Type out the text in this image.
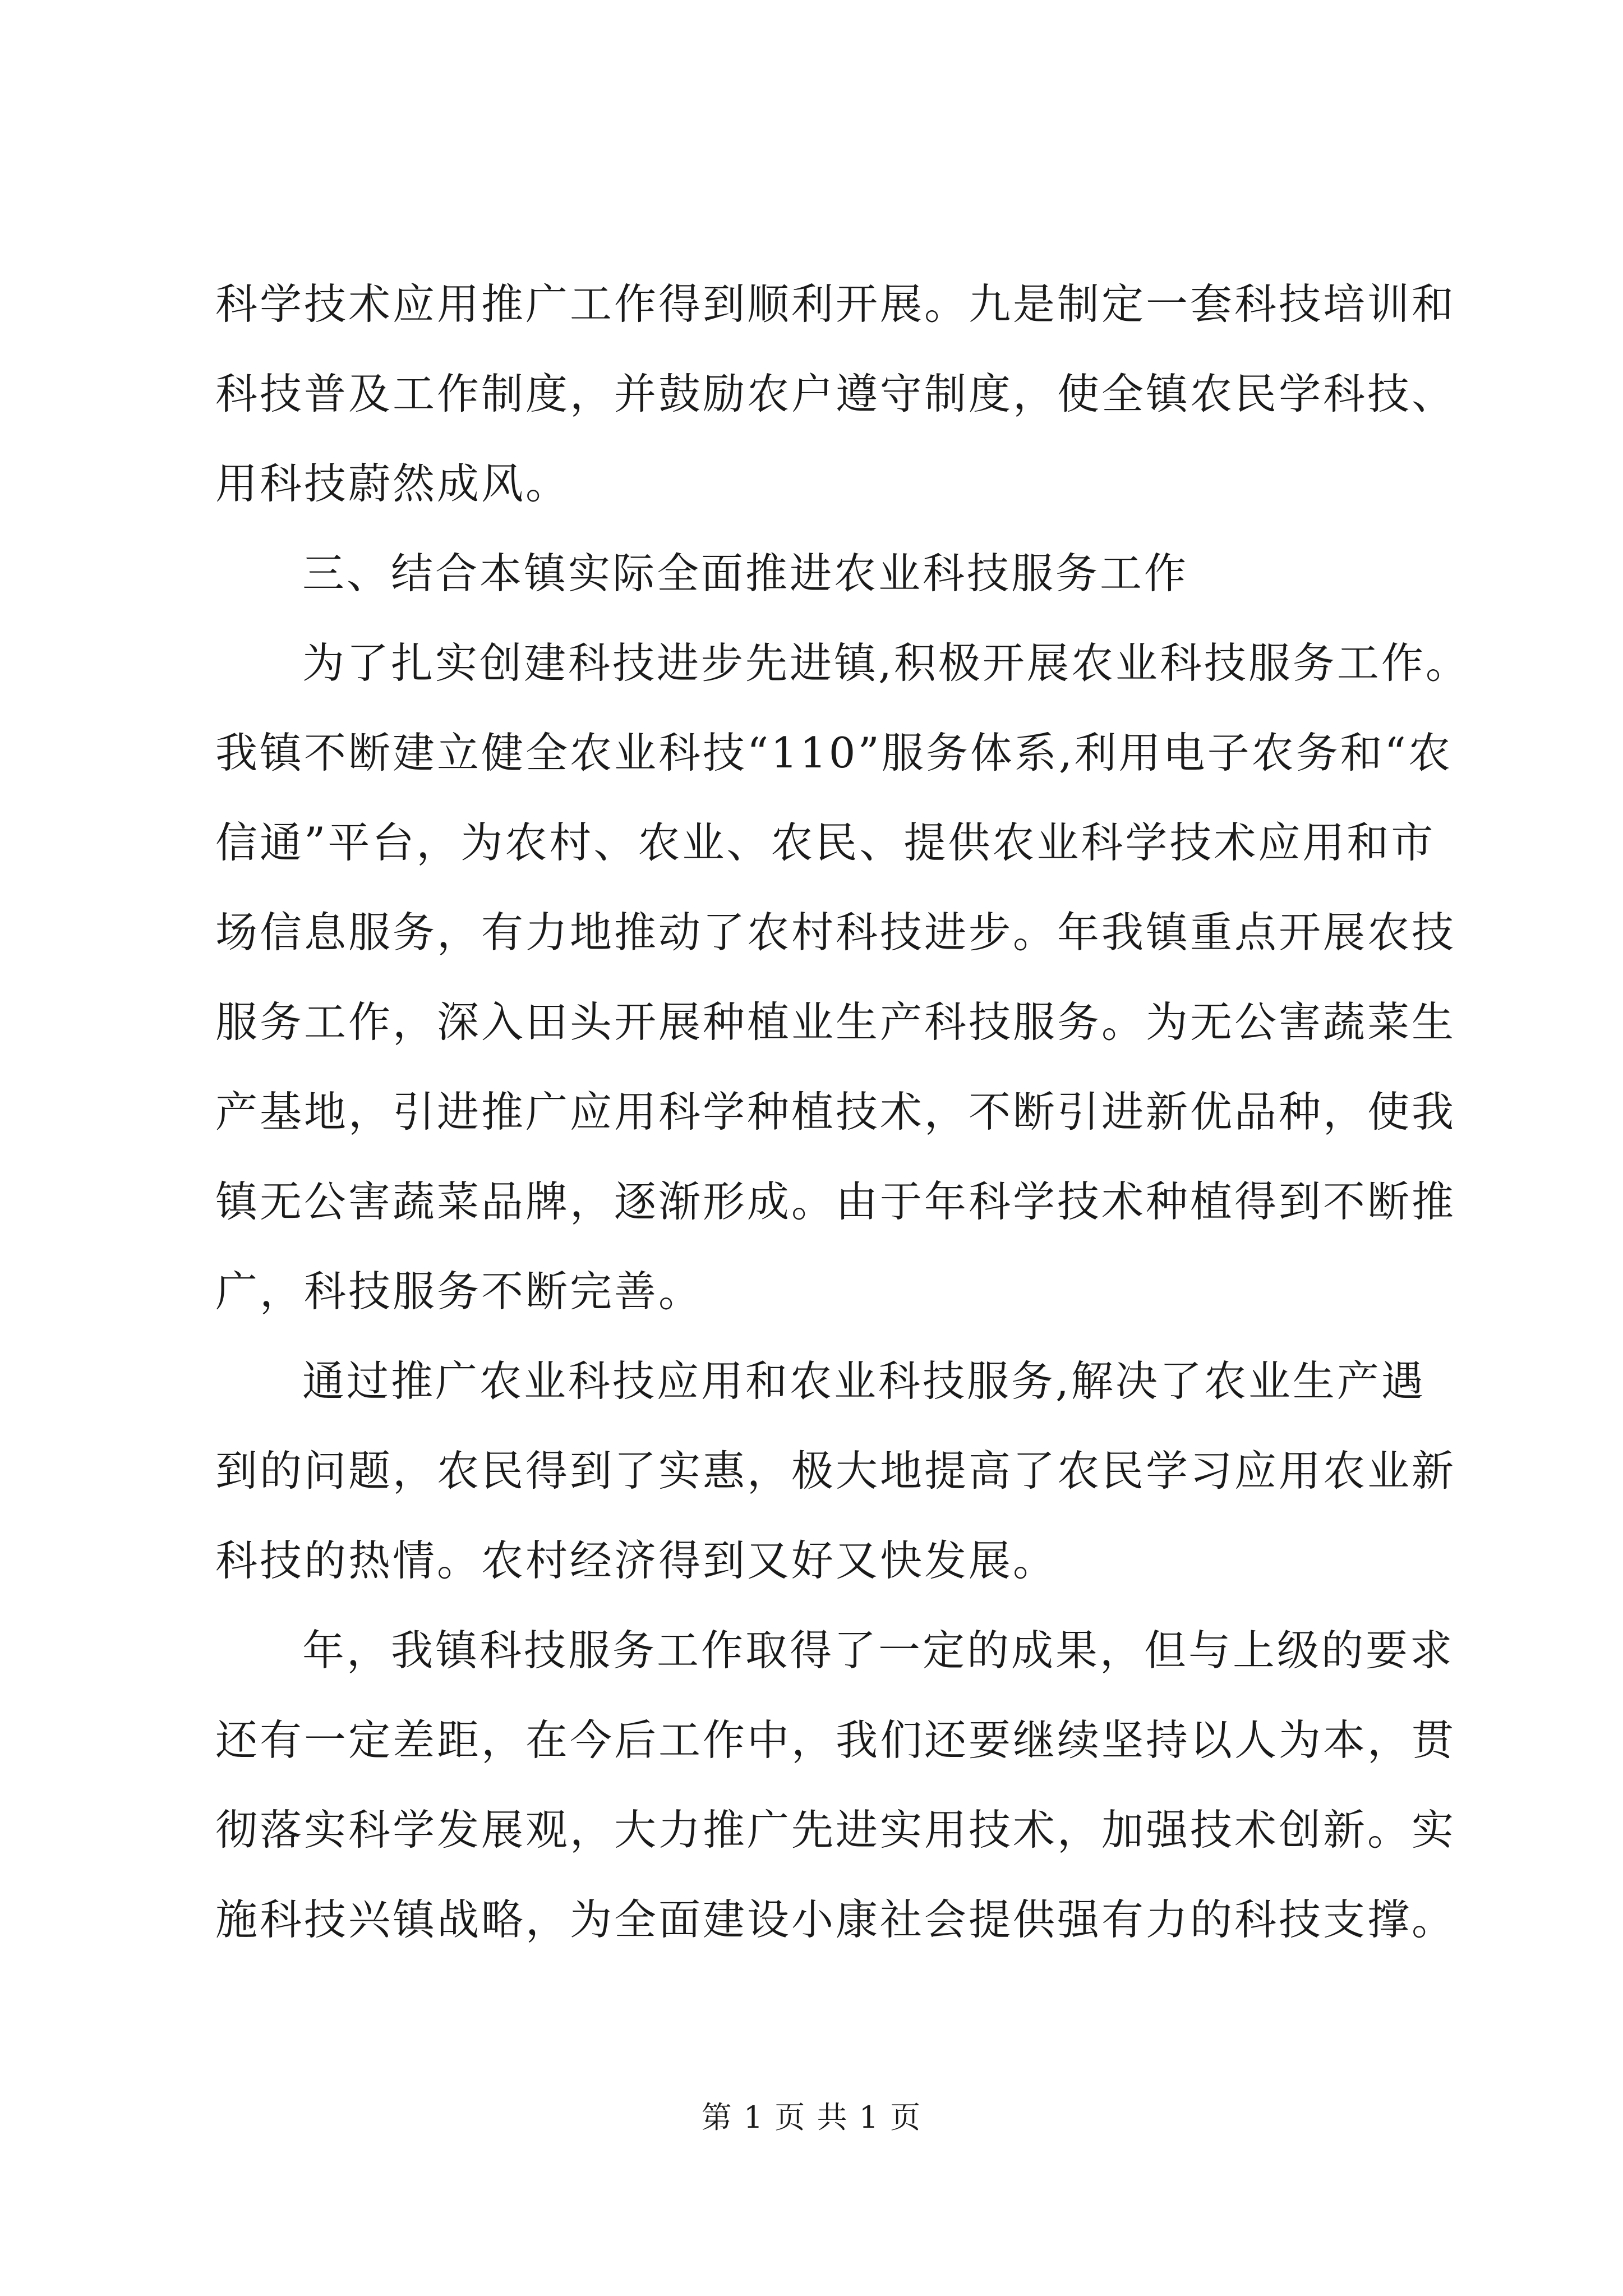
科学技术应用推广工作得到顺利开展。九是制定一套科技培训和
科技普及工作制度，并鼓励农户遵守制度，使全镇农民学科技、
用科技蔚然成风。
三、结合本镇实际全面推进农业科技服务工作
为了扎实创建科技进步先进镇,积极开展农业科技服务工作。
我镇不断建立健全农业科技“110”服务体系,利用电子农务和“农
信通”平台，为农村、农业、农民、提供农业科学技术应用和市
场信息服务，有力地推动了农村科技进步。年我镇重点开展农技
服务工作，深入田头开展种植业生产科技服务。为无公害蔬菜生
产基地，引进推广应用科学种植技术，不断引进新优品种，使我
镇无公害蔬菜品牌，逐渐形成。由于年科学技术种植得到不断推
广，科技服务不断完善。
通过推广农业科技应用和农业科技服务,解决了农业生产遇
到的问题，农民得到了实惠，极大地提高了农民学习应用农业新
科技的热情。农村经济得到又好又快发展。
年，我镇科技服务工作取得了一定的成果，但与上级的要求
还有一定差距，在今后工作中，我们还要继续坚持以人为本，贯
彻落实科学发展观，大力推广先进实用技术，加强技术创新。实
施科技兴镇战略，为全面建设小康社会提供强有力的科技支撑。
第 1 页 共 1 页
